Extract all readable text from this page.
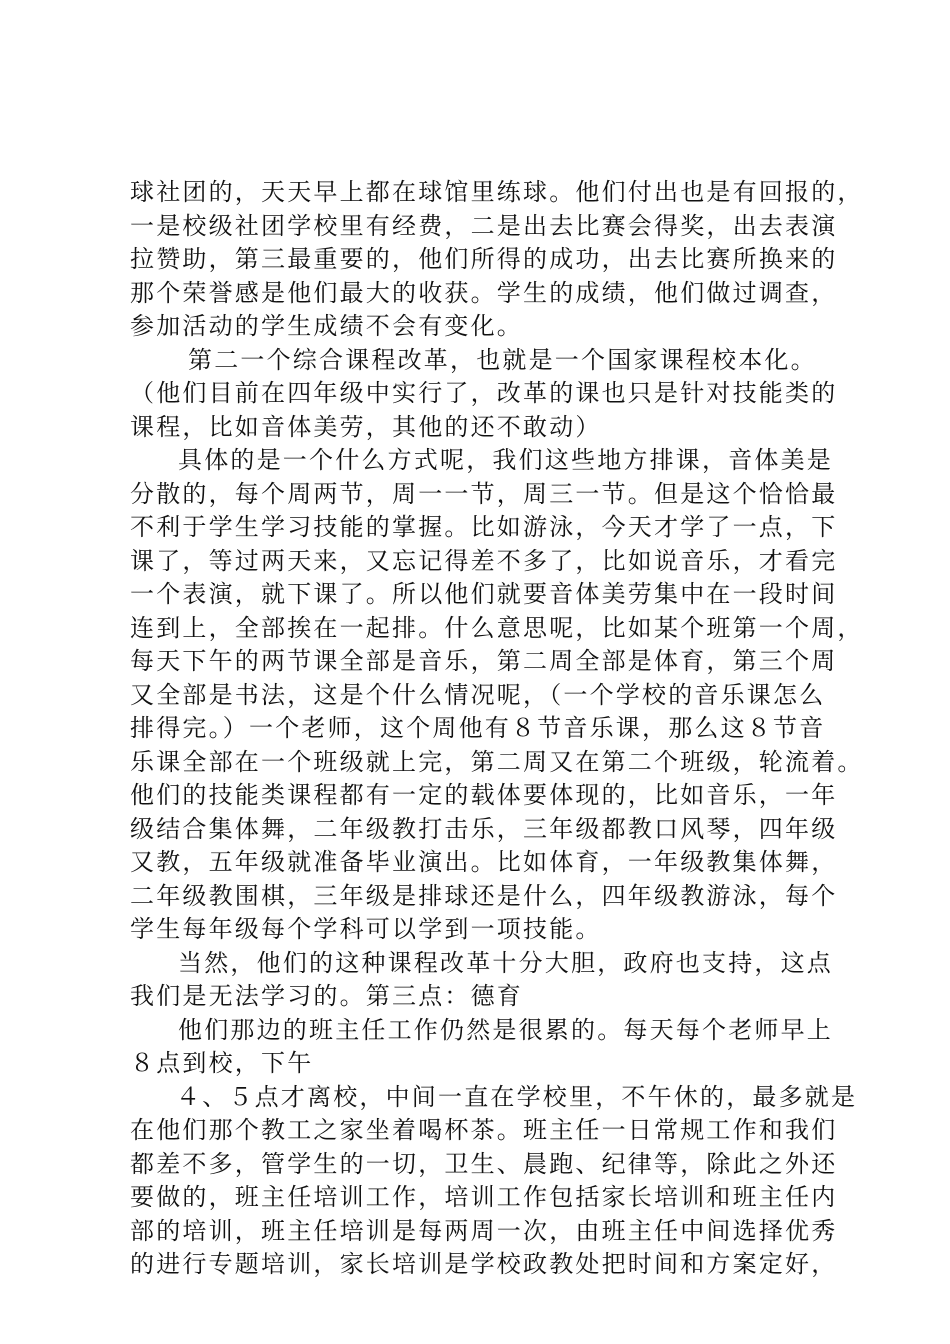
球社团的，天天早上都在球馆里练球。他们付出也是有回报的，
一是校级社团学校里有经费，二是出去比赛会得奖，出去表演
拉赞助，第三最重要的，他们所得的成功，出去比赛所换来的
那个荣誉感是他们最大的收获。学生的成绩，他们做过调查，
参加活动的学生成绩不会有变化。
第二一个综合课程改革，也就是一个国家课程校本化。
（他们目前在四年级中实行了，改革的课也只是针对技能类的
课程，比如音体美劳，其他的还不敢动）
具体的是一个什么方式呢，我们这些地方排课，音体美是
分散的，每个周两节，周一一节，周三一节。但是这个恰恰最
不利于学生学习技能的掌握。比如游泳，今天才学了一点，下
课了，等过两天来，又忘记得差不多了，比如说音乐，才看完
一个表演，就下课了。所以他们就要音体美劳集中在一段时间
连到上，全部挨在一起排。什么意思呢，比如某个班第一个周，
每天下午的两节课全部是音乐，第二周全部是体育，第三个周
又全部是书法，这是个什么情况呢，（一个学校的音乐课怎么
排得完。）一个老师，这个周他有８节音乐课，那么这８节音
乐课全部在一个班级就上完，第二周又在第二个班级，轮流着。
他们的技能类课程都有一定的载体要体现的，比如音乐，一年
级结合集体舞，二年级教打击乐，三年级都教口风琴，四年级
又教，五年级就准备毕业演出。比如体育，一年级教集体舞，
二年级教围棋，三年级是排球还是什么，四年级教游泳，每个
学生每年级每个学科可以学到一项技能。
当然，他们的这种课程改革十分大胆，政府也支持，这点
我们是无法学习的。第三点：德育
他们那边的班主任工作仍然是很累的。每天每个老师早上
８点到校，下午
４、５点才离校，中间一直在学校里，不午休的，最多就是
在他们那个教工之家坐着喝杯茶。班主任一日常规工作和我们
都差不多，管学生的一切，卫生、晨跑、纪律等，除此之外还
要做的，班主任培训工作，培训工作包括家长培训和班主任内
部的培训，班主任培训是每两周一次，由班主任中间选择优秀
的进行专题培训，家长培训是学校政教处把时间和方案定好，
